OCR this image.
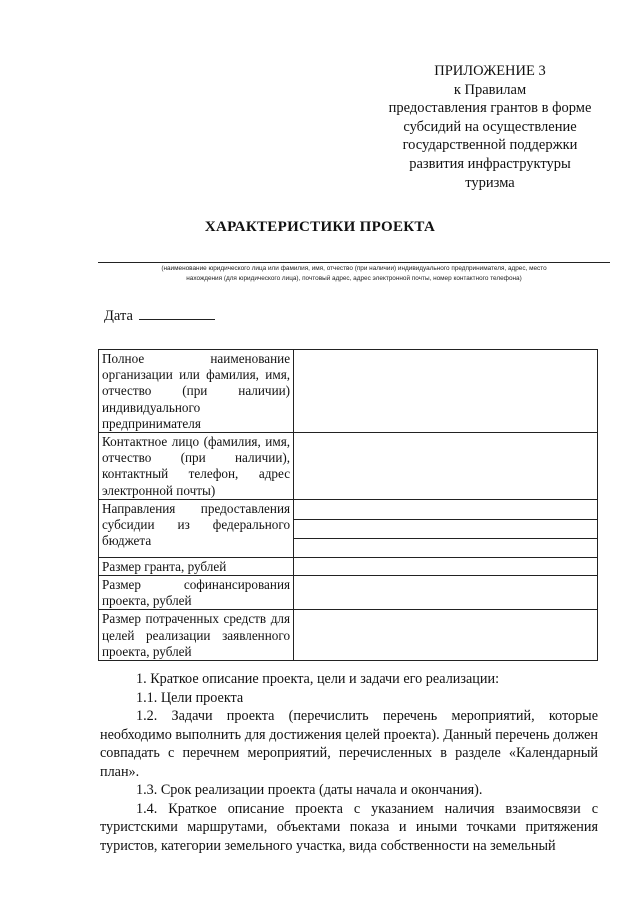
ПРИЛОЖЕНИЕ 3
к Правилам
предоставления грантов в форме
субсидий на осуществление
государственной поддержки
развития инфраструктуры
туризма
ХАРАКТЕРИСТИКИ ПРОЕКТА
(наименование юридического лица или фамилия, имя, отчество (при наличии) индивидуального предпринимателя, адрес, место
нахождения (для юридического лица), почтовый адрес, адрес электронной почты, номер контактного телефона)
Дата
Полное наименование организации или фамилия, имя, отчество (при наличии) индивидуального предпринимателя	
Контактное лицо (фамилия, имя, отчество (при наличии), контактный телефон, адрес электронной почты)	
Направления предоставления субсидии из федерального бюджета	

Размер гранта, рублей	
Размер софинансирования проекта, рублей	
Размер потраченных средств для целей реализации заявленного проекта, рублей	

1. Краткое описание проекта, цели и задачи его реализации:

1.1. Цели проекта

1.2. Задачи проекта (перечислить перечень мероприятий, которые необходимо выполнить для достижения целей проекта). Данный перечень должен совпадать с перечнем мероприятий, перечисленных в разделе «Календарный план».

1.3. Срок реализации проекта (даты начала и окончания).

1.4. Краткое описание проекта с указанием наличия взаимосвязи с туристскими маршрутами, объектами показа и иными точками притяжения туристов, категории земельного участка, вида собственности на земельный
